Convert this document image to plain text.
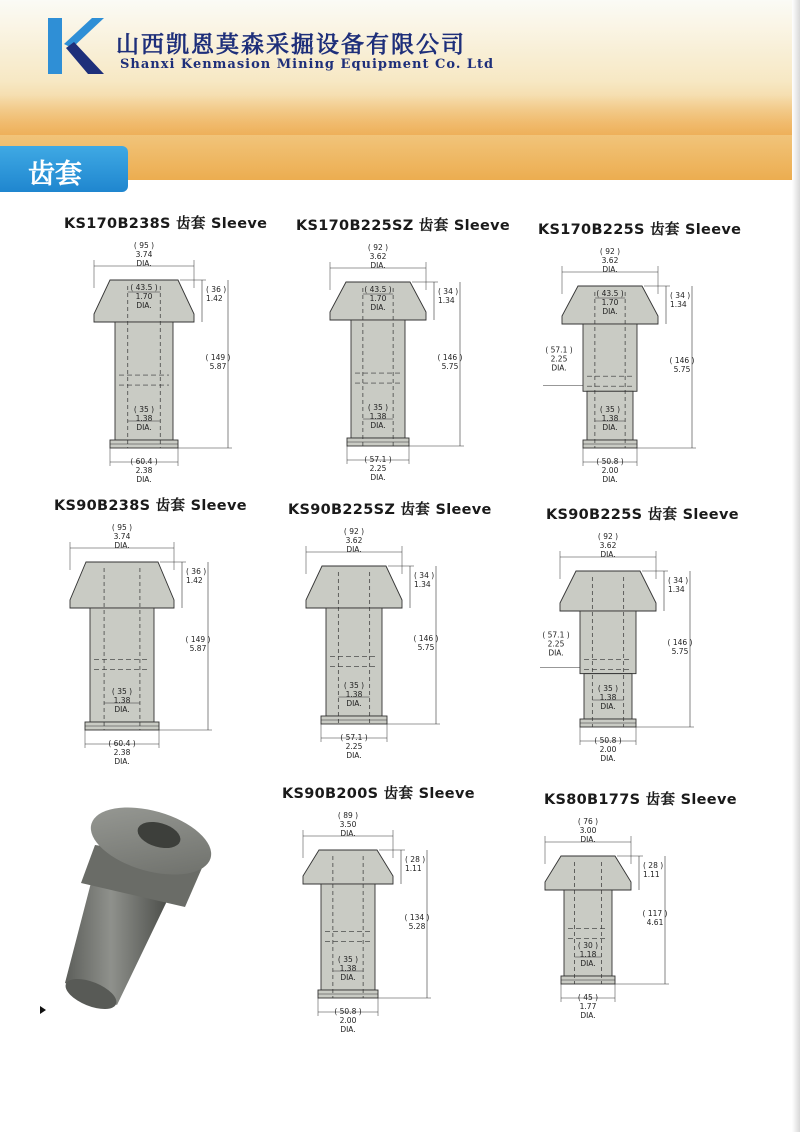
山西凯恩莫森采掘设备有限公司
Shanxi Kenmasion Mining Equipment Co. Ltd
齿套
KS170B238S 齿套 Sleeve
( 95 )
3.74
DIA.
( 43.5 )
1.70
DIA.
( 35 )
1.38
DIA.
( 36 )
1.42
( 149 )
5.87
( 60.4 )
2.38
DIA.
KS170B225SZ 齿套 Sleeve
( 92 )
3.62
DIA.
( 43.5 )
1.70
DIA.
( 35 )
1.38
DIA.
( 34 )
1.34
( 146 )
5.75
( 57.1 )
2.25
DIA.
KS170B225S 齿套 Sleeve
( 92 )
3.62
DIA.
( 57.1 )
2.25
DIA.
( 43.5 )
1.70
DIA.
( 35 )
1.38
DIA.
( 34 )
1.34
( 146 )
5.75
( 50.8 )
2.00
DIA.
KS90B238S 齿套 Sleeve
( 95 )
3.74
DIA.
( 35 )
1.38
DIA.
( 36 )
1.42
( 149 )
5.87
( 60.4 )
2.38
DIA.
KS90B225SZ 齿套 Sleeve
( 92 )
3.62
DIA.
( 35 )
1.38
DIA.
( 34 )
1.34
( 146 )
5.75
( 57.1 )
2.25
DIA.
KS90B225S 齿套 Sleeve
( 92 )
3.62
DIA.
( 57.1 )
2.25
DIA.
( 35 )
1.38
DIA.
( 34 )
1.34
( 146 )
5.75
( 50.8 )
2.00
DIA.
KS90B200S 齿套 Sleeve
( 89 )
3.50
DIA.
( 35 )
1.38
DIA.
( 28 )
1.11
( 134 )
5.28
( 50.8 )
2.00
DIA.
KS80B177S 齿套 Sleeve
( 76 )
3.00
DIA.
( 30 )
1.18
DIA.
( 28 )
1.11
( 117 )
4.61
( 45 )
1.77
DIA.
